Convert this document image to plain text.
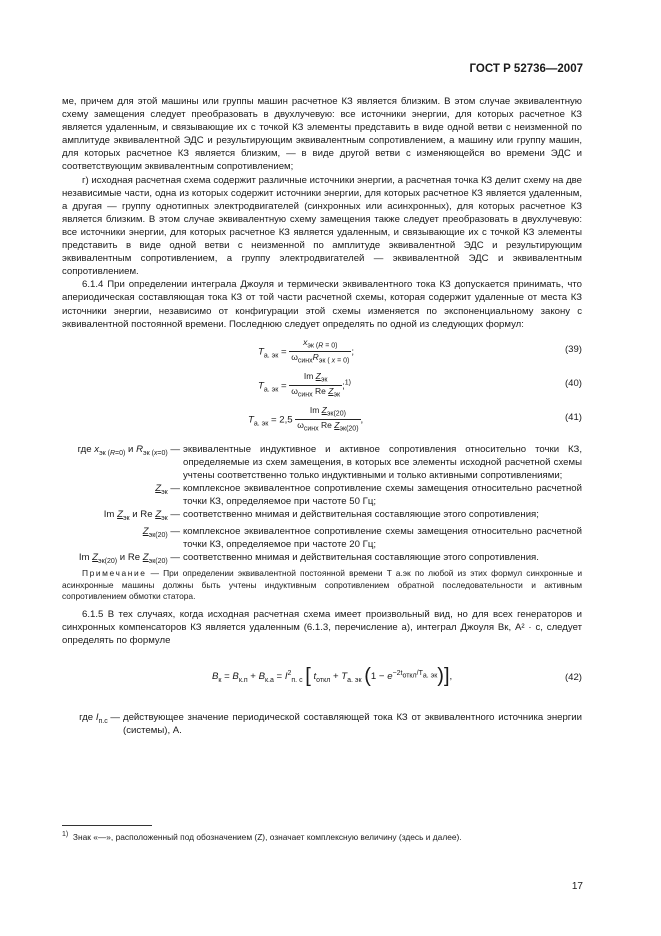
ГОСТ Р 52736—2007

ме, причем для этой машины или группы машин расчетное КЗ является близким. В этом случае эквивалентную схему замещения следует преобразовать в двухлучевую: все источники энергии, для которых расчетное КЗ является удаленным, и связывающие их с точкой КЗ элементы представить в виде одной ветви с неизменной по амплитуде эквивалентной ЭДС и результирующим эквивалентным сопротивлением, а машину или группу машин, для которых расчетное КЗ является близким, — в виде другой ветви с изменяющейся во времени ЭДС и соответствующим эквивалентным сопротивлением;

г) исходная расчетная схема содержит различные источники энергии, а расчетная точка КЗ делит схему на две независимые части, одна из которых содержит источники энергии, для которых расчетное КЗ является удаленным, а другая — группу однотипных электродвигателей (синхронных или асинхронных), для которых расчетное КЗ является близким. В этом случае эквивалентную схему замещения также следует преобразовать в двухлучевую: все источники энергии, для которых расчетное КЗ является удаленным, и связывающие их с точкой КЗ элементы представить в виде одной ветви с неизменной по амплитуде эквивалентной ЭДС и результирующим эквивалентным сопротивлением, а группу электродвигателей — эквивалентной ЭДС и эквивалентным сопротивлением.

6.1.4 При определении интеграла Джоуля и термически эквивалентного тока КЗ допускается принимать, что апериодическая составляющая тока КЗ от той части расчетной схемы, которая содержит удаленные от места КЗ источники энергии, независимо от конфигурации этой схемы изменяется по экспоненциальному закону с эквивалентной постоянной времени. Последнюю следует определять по одной из следующих формул:

$T_{а. эк} = \frac{x_{эк (R = 0)}}{\omega_{синх}R_{эк ( x = 0)}}$ ;	(39)
$T_{а. эк} = \frac{Im Z_{эк}}{\omega_{синх} Re Z_{эк}}$ ;$^{1)}$	(40)
$T_{а. эк} = 2,5 \frac{Im Z_{эк(20)}}{\omega_{синх} Re Z_{эк(20)}}$ ,	(41)
где $x_{эк (R=0)}$ и $R_{эк (x=0)}$ — эквивалентные индуктивное и активное сопротивления относительно точки КЗ, определяемые из схем замещения, в которых все элементы исходной расчетной схемы учтены соответственно только индуктивными и только активными сопротивлениями;
$Z_{эк}$ — комплексное эквивалентное сопротивление схемы замещения относительно расчетной точки КЗ, определяемое при частоте 50 Гц;
Im $Z_{эк}$ и Re $Z_{эк}$ — соответственно мнимая и действительная составляющие этого сопротивления;
$Z_{эк(20)}$ — комплексное эквивалентное сопротивление схемы замещения относительно расчетной точки КЗ, определяемое при частоте 20 Гц;
Im $Z_{эк(20)}$ и Re $Z_{эк(20)}$ — соответственно мнимая и действительная составляющие этого сопротивления.

Примечание — При определении эквивалентной постоянной времени T а.эк по любой из этих формул синхронные и асинхронные машины должны быть учтены индуктивным сопротивлением обратной последовательности и активным сопротивлением обмотки статора.

6.1.5 В тех случаях, когда исходная расчетная схема имеет произвольный вид, но для всех генераторов и синхронных компенсаторов КЗ является удаленным (6.1.3, перечисление а), интеграл Джоуля Bк, А² · с, следует определять по формуле

$B_к = B_{к.п} + B_{к.а} = I^2_{п. с}$ [ $t_{откл} + T_{а. эк}$ $(1 - e^{-2t_{откл}/T_{а. эк}})$],	(42)
где $I_{п.с}$ — действующее значение периодической составляющей тока КЗ от эквивалентного источника энергии (системы), А.
$^{1)}$ Знак «—», расположенный под обозначением (Z), означает комплексную величину (здесь и далее).
17
